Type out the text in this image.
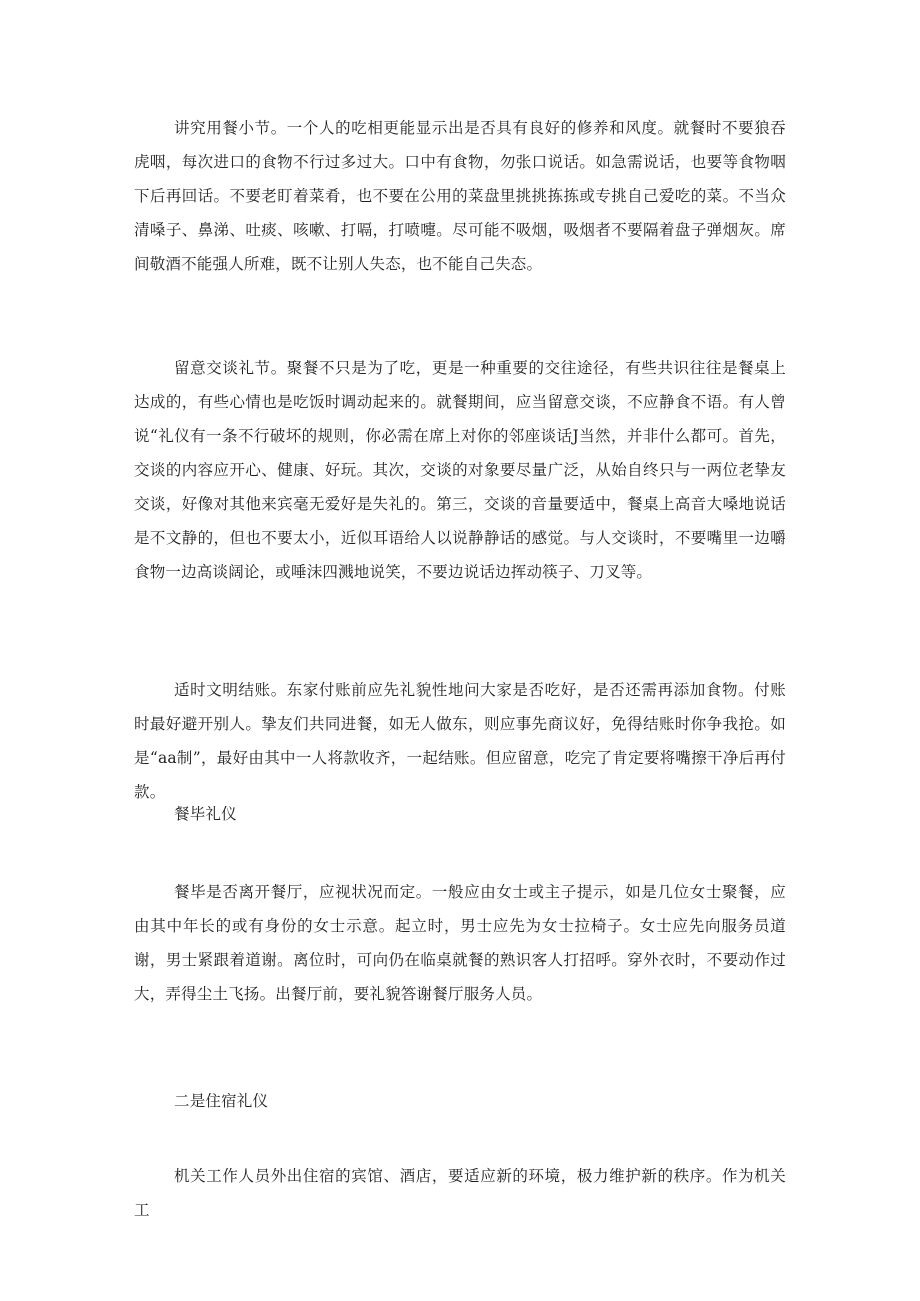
讲究用餐小节。一个人的吃相更能显示出是否具有良好的修养和风度。就餐时不要狼吞虎咽，每次进口的食物不行过多过大。口中有食物，勿张口说话。如急需说话，也要等食物咽下后再回话。不要老盯着菜肴，也不要在公用的菜盘里挑挑拣拣或专挑自己爱吃的菜。不当众清嗓子、鼻涕、吐痰、咳嗽、打嗝，打喷嚏。尽可能不吸烟，吸烟者不要隔着盘子弹烟灰。席间敬酒不能强人所难，既不让别人失态，也不能自己失态。

留意交谈礼节。聚餐不只是为了吃，更是一种重要的交往途径，有些共识往往是餐桌上达成的，有些心情也是吃饭时调动起来的。就餐期间，应当留意交谈，不应静食不语。有人曾说“礼仪有一条不行破坏的规则，你必需在席上对你的邻座谈话J当然，并非什么都可。首先，交谈的内容应开心、健康、好玩。其次，交谈的对象要尽量广泛，从始自终只与一两位老挚友交谈，好像对其他来宾毫无爱好是失礼的。第三，交谈的音量要适中，餐桌上高音大嗓地说话是不文静的，但也不要太小，近似耳语给人以说静静话的感觉。与人交谈时，不要嘴里一边嚼食物一边高谈阔论，或唾沫四溅地说笑，不要边说话边挥动筷子、刀叉等。

适时文明结账。东家付账前应先礼貌性地问大家是否吃好，是否还需再添加食物。付账时最好避开别人。挚友们共同进餐，如无人做东，则应事先商议好，免得结账时你争我抢。如是“aa制”，最好由其中一人将款收齐，一起结账。但应留意，吃完了肯定要将嘴擦干净后再付款。

餐毕礼仪

餐毕是否离开餐厅，应视状况而定。一般应由女士或主子提示，如是几位女士聚餐，应由其中年长的或有身份的女士示意。起立时，男士应先为女士拉椅子。女士应先向服务员道谢，男士紧跟着道谢。离位时，可向仍在临桌就餐的熟识客人打招呼。穿外衣时，不要动作过大，弄得尘土飞扬。出餐厅前，要礼貌答谢餐厅服务人员。

二是住宿礼仪

机关工作人员外出住宿的宾馆、酒店，要适应新的环境，极力维护新的秩序。作为机关工
